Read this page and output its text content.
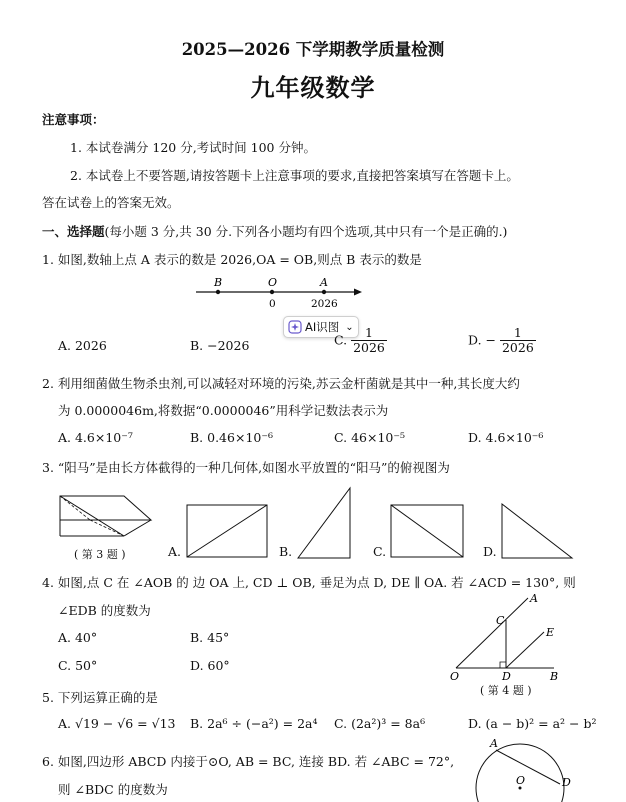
2025—2026 下学期教学质量检测
九年级数学
注意事项：
1. 本试卷满分 120 分,考试时间 100 分钟。
2. 本试卷上不要答题,请按答题卡上注意事项的要求,直接把答案填写在答题卡上。
答在试卷上的答案无效。
一、选择题(每小题 3 分,共 30 分.下列各小题均有四个选项,其中只有一个是正确的.)
1. 如图,数轴上点 A 表示的数是 2026,OA = OB,则点 B 表示的数是
B	O	A
0	2026
AI识图 ⌄
A. 2026	B. −2026	C. $\frac{1}{2026}$	D. − $\frac{1}{2026}$
2. 利用细菌做生物杀虫剂,可以减轻对环境的污染,苏云金杆菌就是其中一种,其长度大约
为 0.0000046m,将数据“0.0000046”用科学记数法表示为
A. 4.6×10⁻⁷	B. 0.46×10⁻⁶	C. 46×10⁻⁵	D. 4.6×10⁻⁶
3. “阳马”是由长方体截得的一种几何体,如图水平放置的“阳马”的俯视图为
( 第 3 题 )	A.	B.	C.	D.
4. 如图,点 C 在 ∠AOB 的 边 OA 上, CD ⊥ OB, 垂足为点 D, DE ∥ OA. 若 ∠ACD = 130°, 则
∠EDB 的度数为
A. 40°	B. 45°
C. 50°	D. 60°
A
C
E
O	D	B
( 第 4 题 )
5. 下列运算正确的是
A. √19 − √6 = √13 B. 2a⁶ ÷ (−a²) = 2a⁴ C. (2a²)³ = 8a⁶	D. (a − b)² = a² − b²
6. 如图,四边形 ABCD 内接于⊙O, AB = BC, 连接 BD. 若 ∠ABC = 72°,
则 ∠BDC 的度数为
A
O	D
